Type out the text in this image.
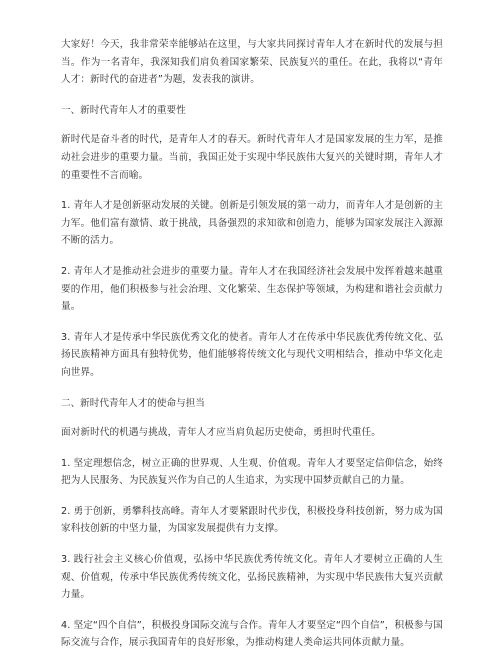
大家好！今天，我非常荣幸能够站在这里，与大家共同探讨青年人才在新时代的发展与担当。作为一名青年，我深知我们肩负着国家繁荣、民族复兴的重任。在此，我将以“青年人才：新时代的奋进者”为题，发表我的演讲。

一、新时代青年人才的重要性

新时代是奋斗者的时代，是青年人才的春天。新时代青年人才是国家发展的生力军，是推动社会进步的重要力量。当前，我国正处于实现中华民族伟大复兴的关键时期，青年人才的重要性不言而喻。

1. 青年人才是创新驱动发展的关键。创新是引领发展的第一动力，而青年人才是创新的主力军。他们富有激情、敢于挑战，具备强烈的求知欲和创造力，能够为国家发展注入源源不断的活力。

2. 青年人才是推动社会进步的重要力量。青年人才在我国经济社会发展中发挥着越来越重要的作用，他们积极参与社会治理、文化繁荣、生态保护等领域，为构建和谐社会贡献力量。

3. 青年人才是传承中华民族优秀文化的使者。青年人才在传承中华民族优秀传统文化、弘扬民族精神方面具有独特优势，他们能够将传统文化与现代文明相结合，推动中华文化走向世界。

二、新时代青年人才的使命与担当

面对新时代的机遇与挑战，青年人才应当肩负起历史使命，勇担时代重任。

1. 坚定理想信念，树立正确的世界观、人生观、价值观。青年人才要坚定信仰信念，始终把为人民服务、为民族复兴作为自己的人生追求，为实现中国梦贡献自己的力量。

2. 勇于创新，勇攀科技高峰。青年人才要紧跟时代步伐，积极投身科技创新，努力成为国家科技创新的中坚力量，为国家发展提供有力支撑。

3. 践行社会主义核心价值观，弘扬中华民族优秀传统文化。青年人才要树立正确的人生观、价值观，传承中华民族优秀传统文化，弘扬民族精神，为实现中华民族伟大复兴贡献力量。

4. 坚定“四个自信”，积极投身国际交流与合作。青年人才要坚定“四个自信”，积极参与国际交流与合作，展示我国青年的良好形象，为推动构建人类命运共同体贡献力量。
